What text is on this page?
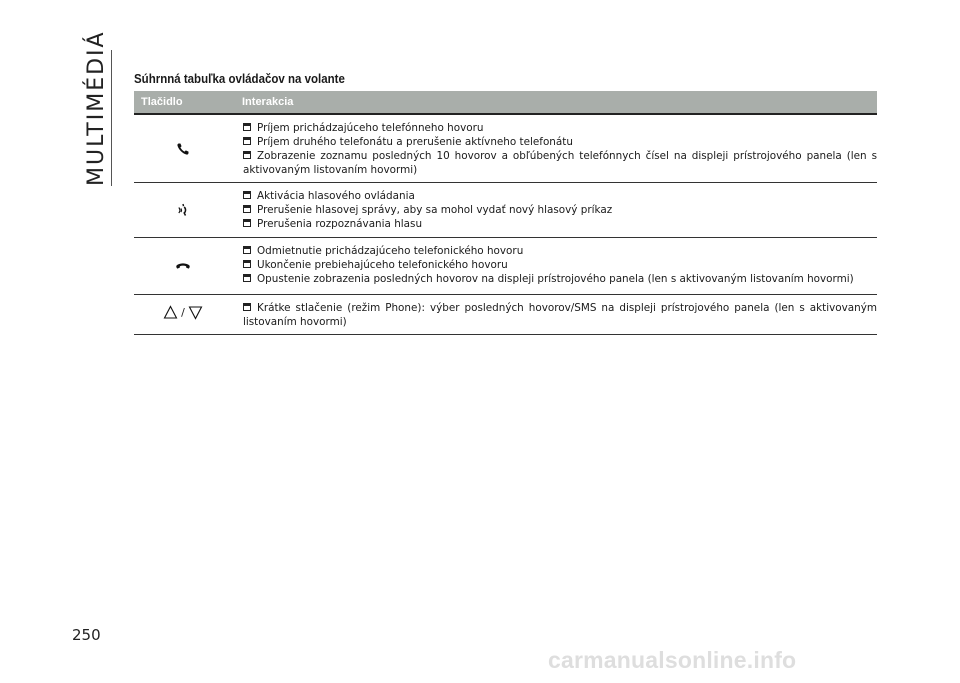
MULTIMÉDIÁ Súhrnná tabuľka ovládačov na volante
Tlačidlo	Interakcia
Príjem prichádzajúceho telefónneho hovoru
Príjem druhého telefonátu a prerušenie aktívneho telefonátu
Zobrazenie zoznamu posledných 10 hovorov a obľúbených telefónnych čísel na displeji prístrojového panela (len s aktivovaným listovaním hovormi)
Aktivácia hlasového ovládania
Prerušenie hlasovej správy, aby sa mohol vydať nový hlasový príkaz
Prerušenia rozpoznávania hlasu
Odmietnutie prichádzajúceho telefonického hovoru
Ukončenie prebiehajúceho telefonického hovoru
Opustenie zobrazenia posledných hovorov na displeji prístrojového panela (len s aktivovaným listovaním hovormi)
/	Krátke stlačenie (režim Phone): výber posledných hovorov/SMS na displeji prístrojového panela (len s aktivovaným listovaním hovormi)
250
carmanualsonline.info
